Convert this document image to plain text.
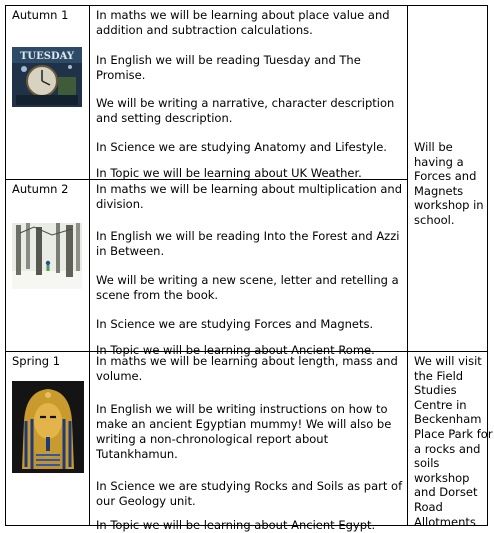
Autumn 1
TUESDAY

In maths we will be learning about place value and addition and subtraction calculations.

In English we will be reading Tuesday and The Promise.

We will be writing a narrative, character description and setting description.

In Science we are studying Anatomy and Lifestyle.

In Topic we will be learning about UK Weather.

Will be having a Forces and Magnets workshop in school.
Autumn 2	In maths we will be learning about multiplication and division.

In English we will be reading Into the Forest and Azzi in Between.

We will be writing a new scene, letter and retelling a scene from the book.

In Science we are studying Forces and Magnets.

In Topic we will be learning about Ancient Rome.

Spring 1	In maths we will be learning about length, mass and volume.

In English we will be writing instructions on how to make an ancient Egyptian mummy! We will also be writing a non-chronological report about Tutankhamun.

In Science we are studying Rocks and Soils as part of our Geology unit.

In Topic we will be learning about Ancient Egypt.

We will visit the Field Studies Centre in Beckenham Place Park for a rocks and soils workshop and Dorset Road Allotments
